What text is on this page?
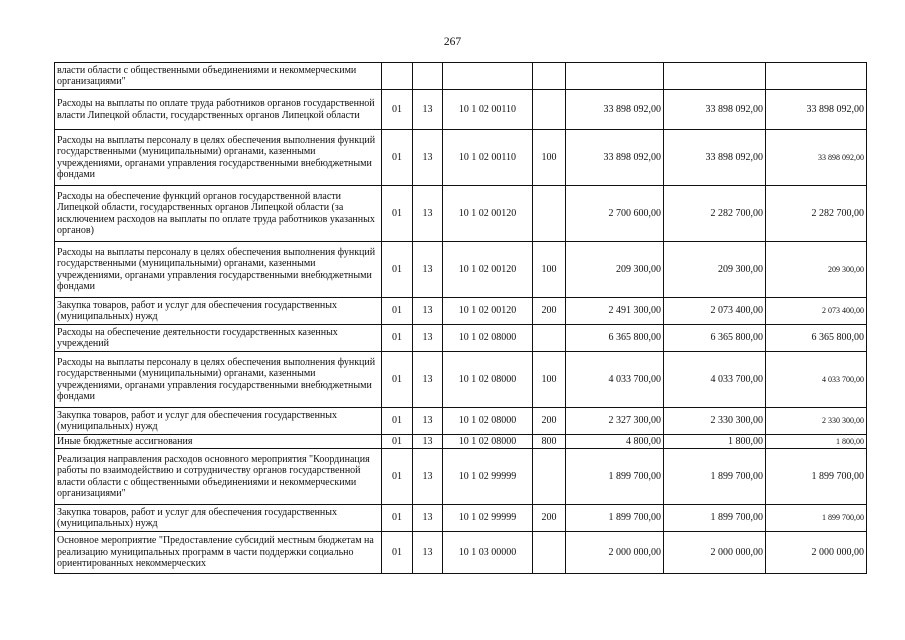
267
власти области с общественными объединениями и некоммерческими организациями"							
Расходы на выплаты по оплате труда работников органов государственной власти Липецкой области, государственных органов Липецкой области	01	13	10 1 02 00110		33 898 092,00	33 898 092,00	33 898 092,00
Расходы на выплаты персоналу в целях обеспечения выполнения функций государственными (муниципальными) органами, казенными учреждениями, органами управления государственными внебюджетными фондами	01	13	10 1 02 00110	100	33 898 092,00	33 898 092,00	33 898 092,00
Расходы на обеспечение функций органов государственной власти Липецкой области, государственных органов Липецкой области (за исключением расходов на выплаты по оплате труда работников указанных органов)	01	13	10 1 02 00120		2 700 600,00	2 282 700,00	2 282 700,00
Расходы на выплаты персоналу в целях обеспечения выполнения функций государственными (муниципальными) органами, казенными учреждениями, органами управления государственными внебюджетными фондами	01	13	10 1 02 00120	100	209 300,00	209 300,00	209 300,00
Закупка товаров, работ и услуг для обеспечения государственных (муниципальных) нужд	01	13	10 1 02 00120	200	2 491 300,00	2 073 400,00	2 073 400,00
Расходы на обеспечение деятельности государственных казенных учреждений	01	13	10 1 02 08000		6 365 800,00	6 365 800,00	6 365 800,00
Расходы на выплаты персоналу в целях обеспечения выполнения функций государственными (муниципальными) органами, казенными учреждениями, органами управления государственными внебюджетными фондами	01	13	10 1 02 08000	100	4 033 700,00	4 033 700,00	4 033 700,00
Закупка товаров, работ и услуг для обеспечения государственных (муниципальных) нужд	01	13	10 1 02 08000	200	2 327 300,00	2 330 300,00	2 330 300,00
Иные бюджетные ассигнования	01	13	10 1 02 08000	800	4 800,00	1 800,00	1 800,00
Реализация направления расходов основного мероприятия "Координация работы по взаимодействию и сотрудничеству органов государственной власти области с общественными объединениями и некоммерческими организациями"	01	13	10 1 02 99999		1 899 700,00	1 899 700,00	1 899 700,00
Закупка товаров, работ и услуг для обеспечения государственных (муниципальных) нужд	01	13	10 1 02 99999	200	1 899 700,00	1 899 700,00	1 899 700,00
Основное мероприятие "Предоставление субсидий местным бюджетам на реализацию муниципальных программ в части поддержки социально ориентированных некоммерческих	01	13	10 1 03 00000		2 000 000,00	2 000 000,00	2 000 000,00
